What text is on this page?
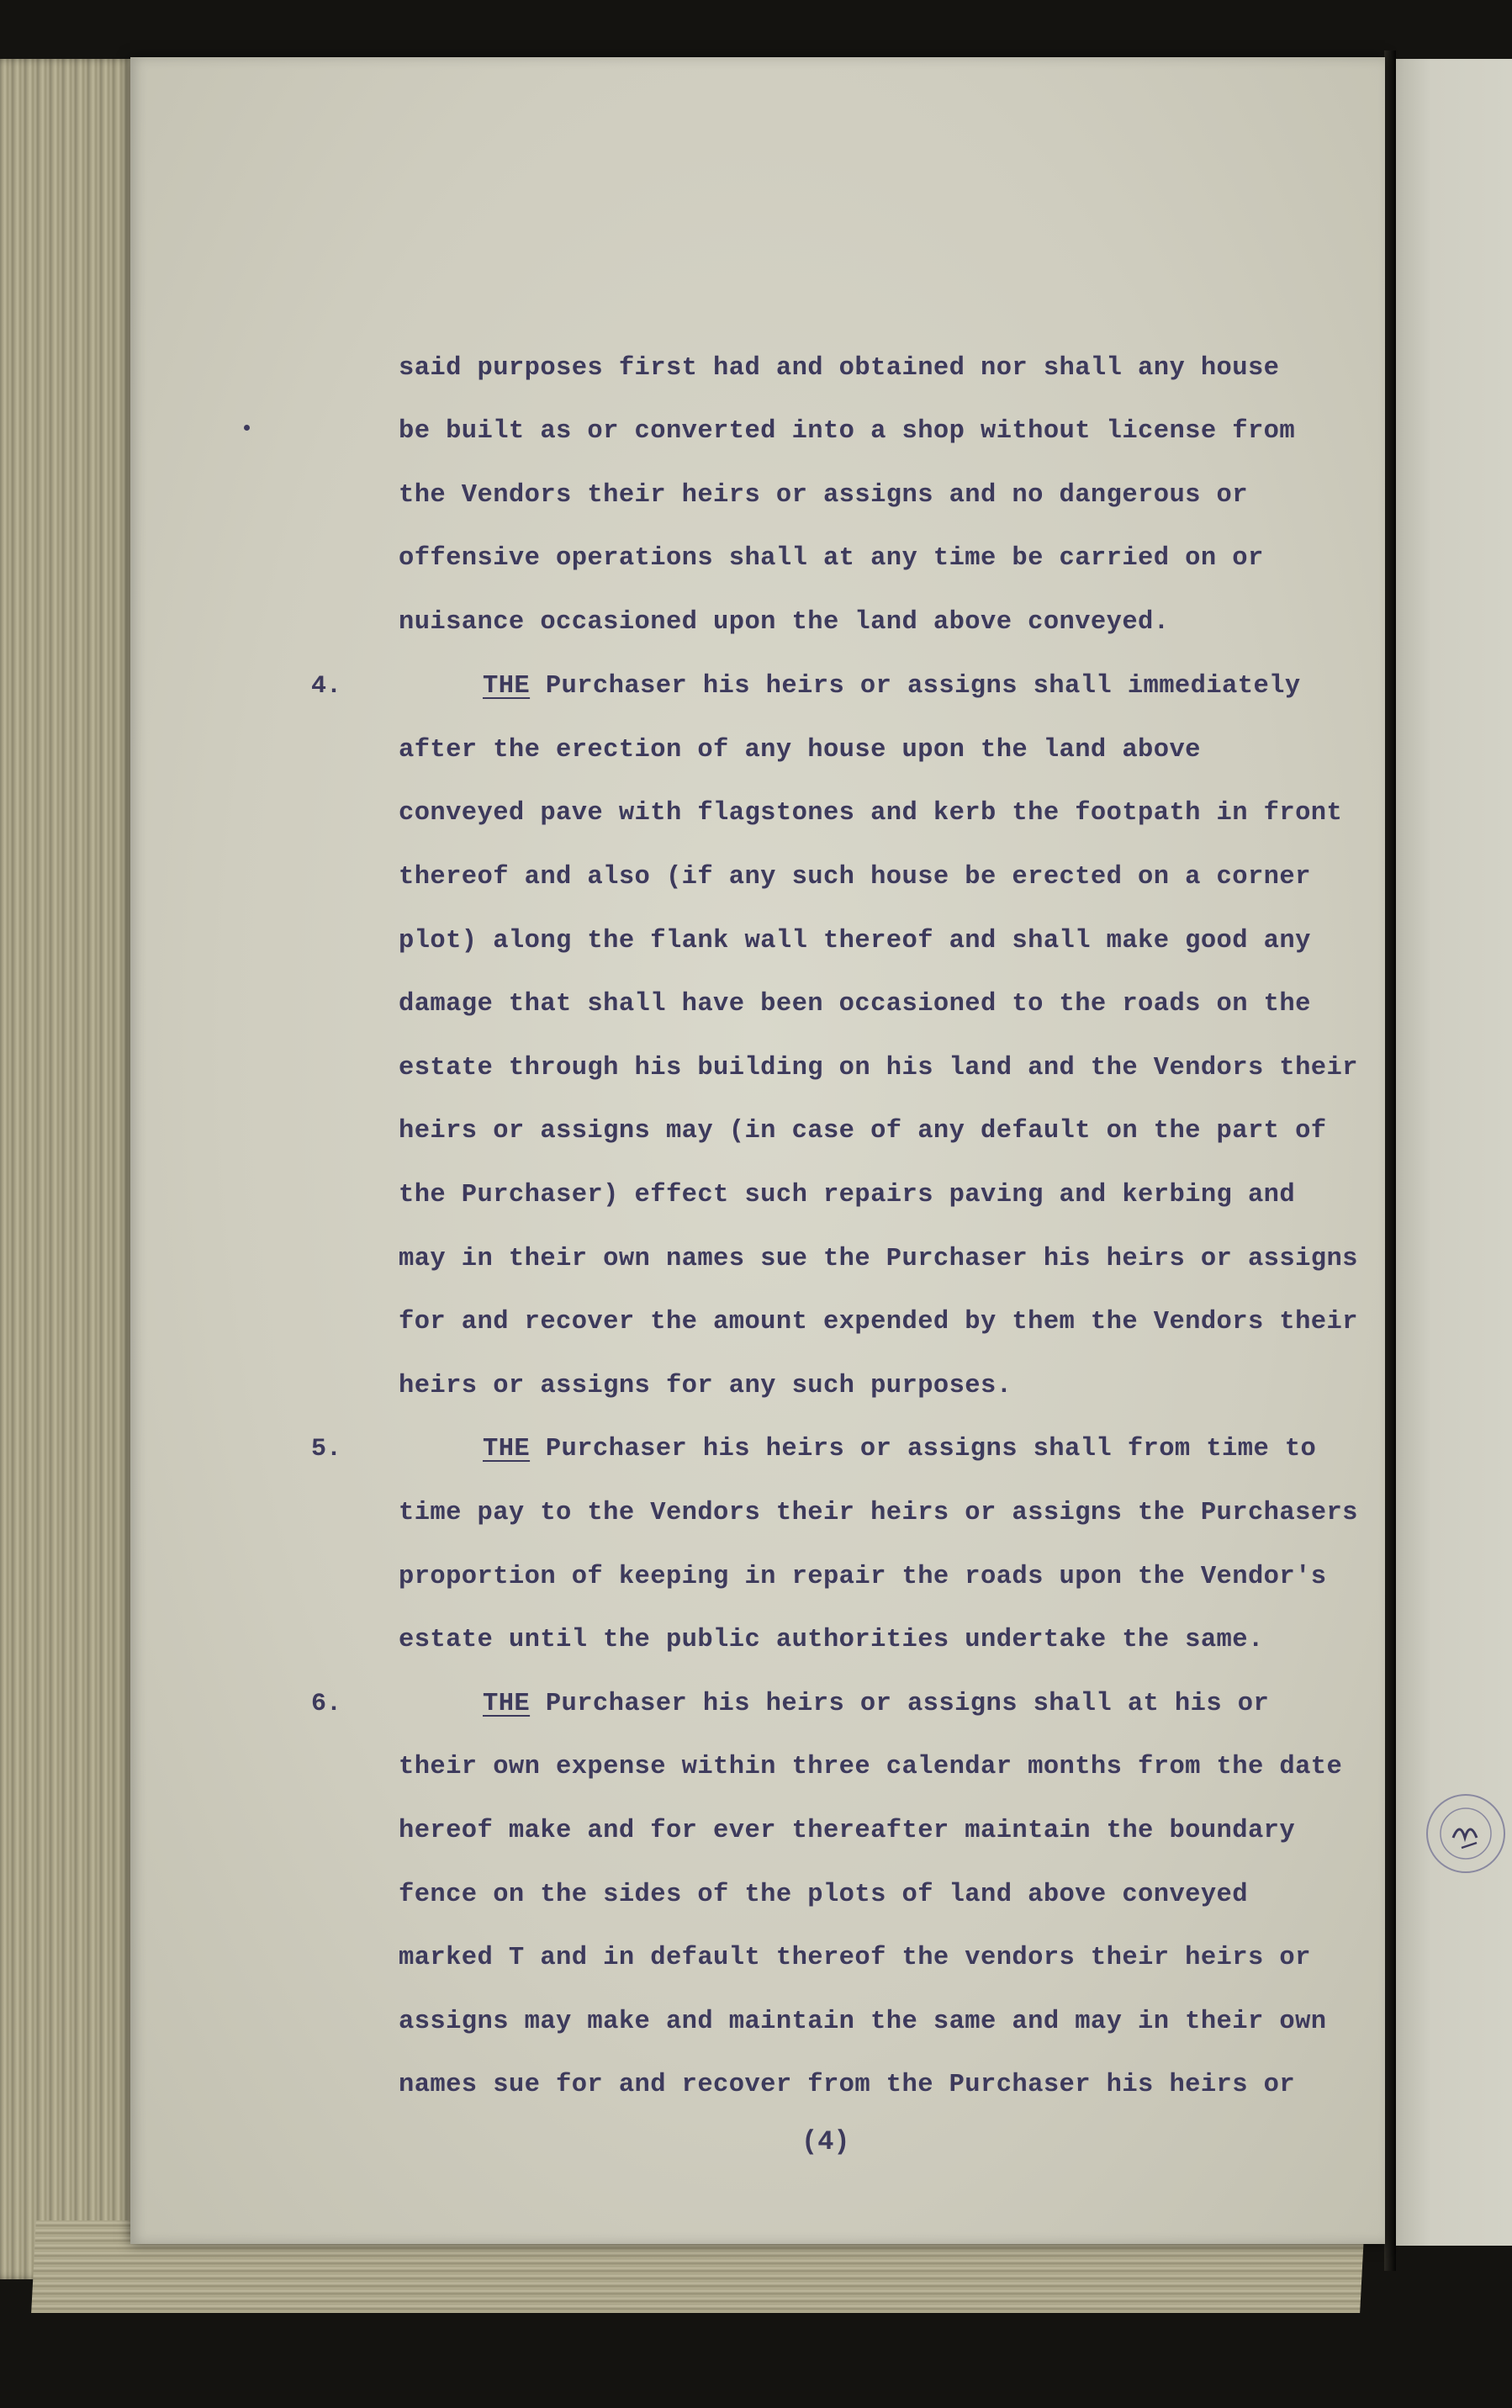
said purposes first had and obtained nor shall any house
be built as or converted into a shop without license from
the Vendors their heirs or assigns and no dangerous or
offensive operations shall at any time be carried on or
nuisance occasioned upon the land above conveyed.
4.	THE Purchaser his heirs or assigns shall immediately
after the erection of any house upon the land above
conveyed pave with flagstones and kerb the footpath in front
thereof and also (if any such house be erected on a corner
plot) along the flank wall thereof and shall make good any
damage that shall have been occasioned to the roads on the
estate through his building on his land and the Vendors their
heirs or assigns may (in case of any default on the part of
the Purchaser) effect such repairs paving and kerbing and
may in their own names sue the Purchaser his heirs or assigns
for and recover the amount expended by them the Vendors their
heirs or assigns for any such purposes.
5.	THE Purchaser his heirs or assigns shall from time to
time pay to the Vendors their heirs or assigns the Purchasers
proportion of keeping in repair the roads upon the Vendor's
estate until the public authorities undertake the same.
6.	THE Purchaser his heirs or assigns shall at his or
their own expense within three calendar months from the date
hereof make and for ever thereafter maintain the boundary
fence on the sides of the plots of land above conveyed
marked T and in default thereof the vendors their heirs or
assigns may make and maintain the same and may in their own
names sue for and recover from the Purchaser his heirs or
(4)
